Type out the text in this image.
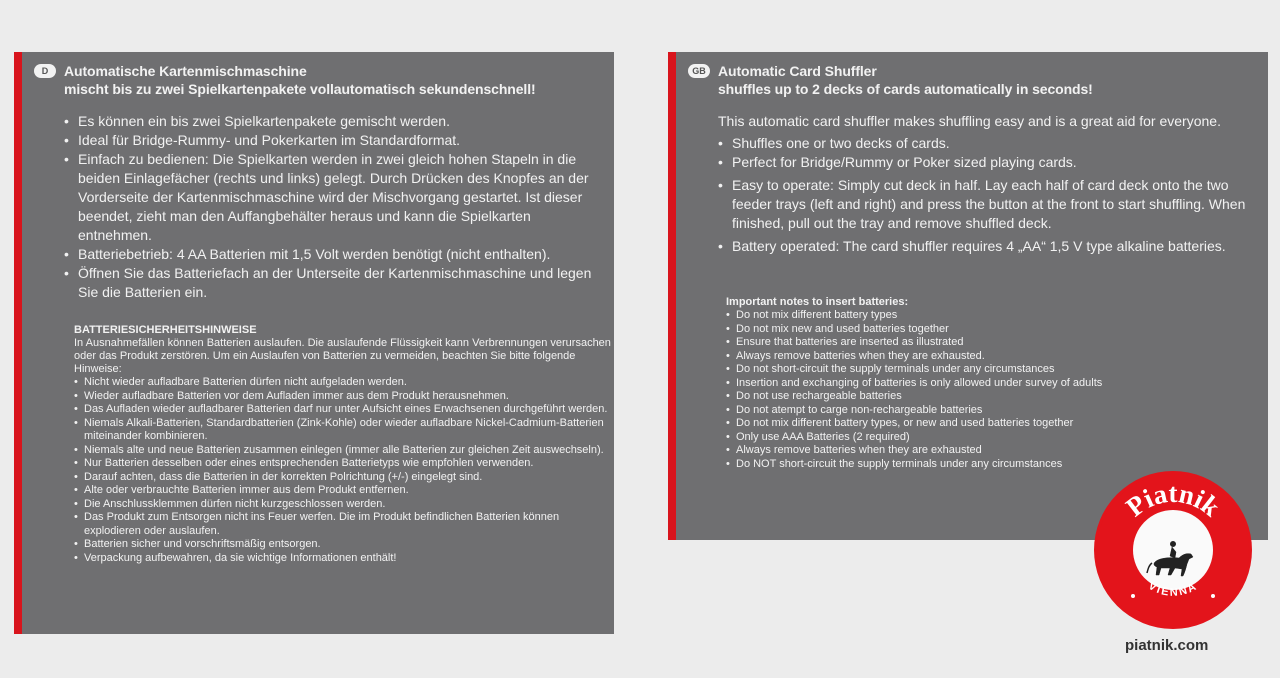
D	Automatische Kartenmischmaschine
mischt bis zu zwei Spielkartenpakete vollautomatisch sekundenschnell!
• Es können ein bis zwei Spielkartenpakete gemischt werden.
• Ideal für Bridge-Rummy- und Pokerkarten im Standardformat.
• Einfach zu bedienen: Die Spielkarten werden in zwei gleich hohen Stapeln in die beiden Einlagefächer (rechts und links) gelegt. Durch Drücken des Knopfes an der Vorderseite der Kartenmischmaschine wird der Mischvorgang gestartet. Ist dieser beendet, zieht man den Auffangbehälter heraus und kann die Spielkarten entnehmen.
• Batteriebetrieb: 4 AA Batterien mit 1,5 Volt werden benötigt (nicht enthalten).
• Öffnen Sie das Batteriefach an der Unterseite der Kartenmischmaschine und legen Sie die Batterien ein.
BATTERIESICHERHEITSHINWEISE
In Ausnahmefällen können Batterien auslaufen. Die auslaufende Flüssigkeit kann Verbrennungen verursachen oder das Produkt zerstören. Um ein Auslaufen von Batterien zu vermeiden, beachten Sie bitte folgende Hinweise:
• Nicht wieder aufladbare Batterien dürfen nicht aufgeladen werden.
• Wieder aufladbare Batterien vor dem Aufladen immer aus dem Produkt herausnehmen.
• Das Aufladen wieder aufladbarer Batterien darf nur unter Aufsicht eines Erwachsenen durchgeführt werden.
• Niemals Alkali-Batterien, Standardbatterien (Zink-Kohle) oder wieder aufladbare Nickel-Cadmium-Batterien miteinander kombinieren.
• Niemals alte und neue Batterien zusammen einlegen (immer alle Batterien zur gleichen Zeit auswechseln).
• Nur Batterien desselben oder eines entsprechenden Batterietyps wie empfohlen verwenden.
• Darauf achten, dass die Batterien in der korrekten Polrichtung (+/-) eingelegt sind.
• Alte oder verbrauchte Batterien immer aus dem Produkt entfernen.
• Die Anschlussklemmen dürfen nicht kurzgeschlossen werden.
• Das Produkt zum Entsorgen nicht ins Feuer werfen. Die im Produkt befindlichen Batterien können explodieren oder auslaufen.
• Batterien sicher und vorschriftsmäßig entsorgen.
• Verpackung aufbewahren, da sie wichtige Informationen enthält!
GB Automatic Card Shuffler
shuffles up to 2 decks of cards automatically in seconds!
This automatic card shuffler makes shuffling easy and is a great aid for everyone.
• Shuffles one or two decks of cards.
• Perfect for Bridge/Rummy or Poker sized playing cards.
• Easy to operate: Simply cut deck in half. Lay each half of card deck onto the two feeder trays (left and right) and press the button at the front to start shuffling. When finished, pull out the tray and remove shuffled deck.
• Battery operated: The card shuffler requires 4 „AA“ 1,5 V type alkaline batteries.
Important notes to insert batteries:
• Do not mix different battery types
• Do not mix new and used batteries together
• Ensure that batteries are inserted as illustrated
• Always remove batteries when they are exhausted.
• Do not short-circuit the supply terminals under any circumstances
• Insertion and exchanging of batteries is only allowed under survey of adults
• Do not use rechargeable batteries
• Do not atempt to carge non-rechargeable batteries
• Do not mix different battery types, or new and used batteries together
• Only use AAA Batteries (2 required)
• Always remove batteries when they are exhausted
• Do NOT short-circuit the supply terminals under any circumstances
Piatnik
VIENNA
piatnik.com
